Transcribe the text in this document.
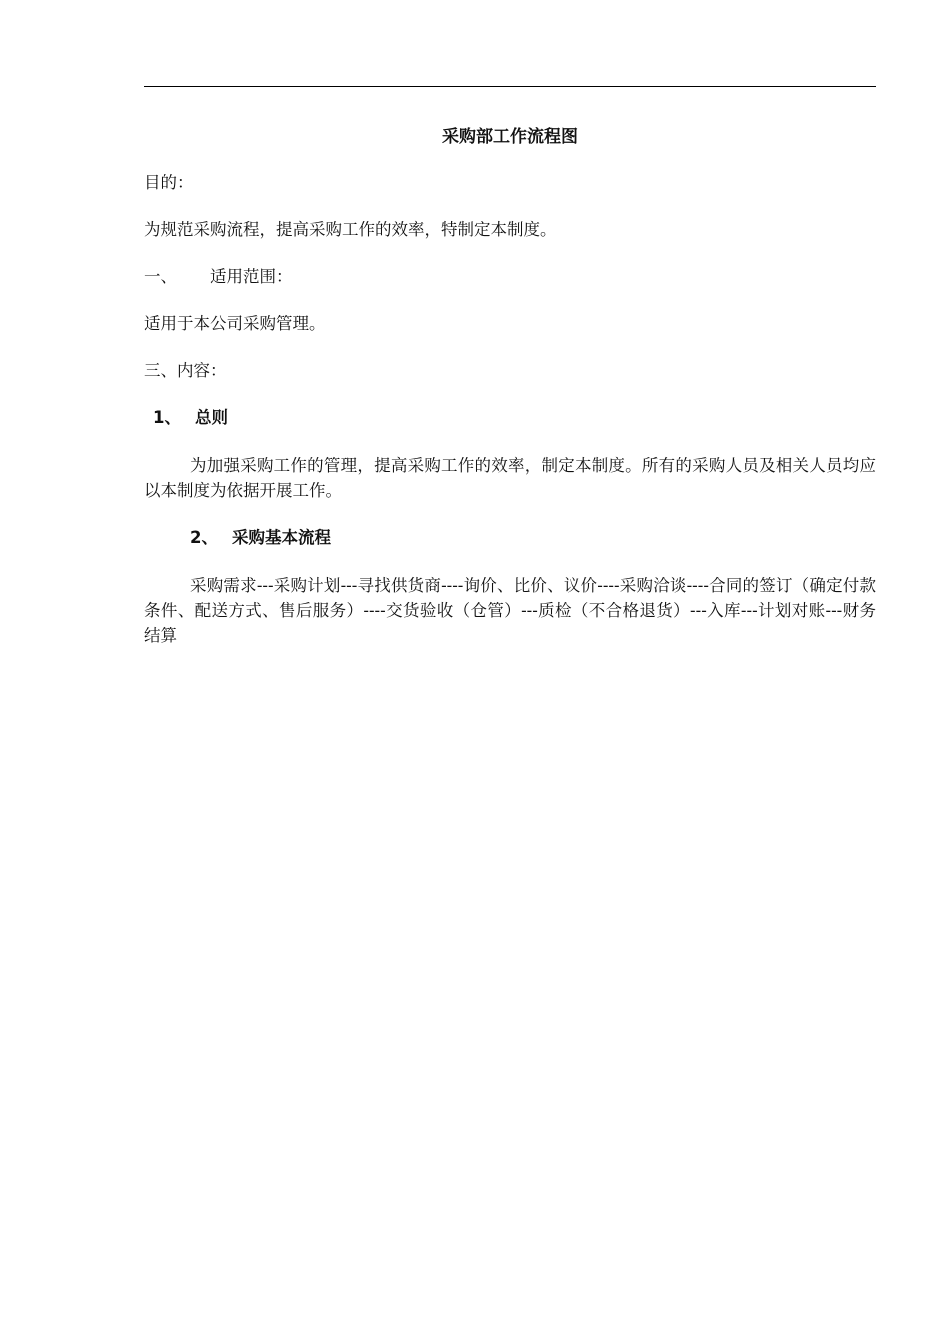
采购部工作流程图
目的：
为规范采购流程，提高采购工作的效率，特制定本制度。
一、	适用范围：
适用于本公司采购管理。
三、内容：
1、 总则
为加强采购工作的管理，提高采购工作的效率，制定本制度。所有的采购人员及相关人员均应以本制度为依据开展工作。
2、 采购基本流程
采购需求---采购计划---寻找供货商----询价、比价、议价----采购洽谈----合同的签订（确定付款条件、配送方式、售后服务）----交货验收（仓管）---质检（不合格退货）---入库---计划对账---财务结算
